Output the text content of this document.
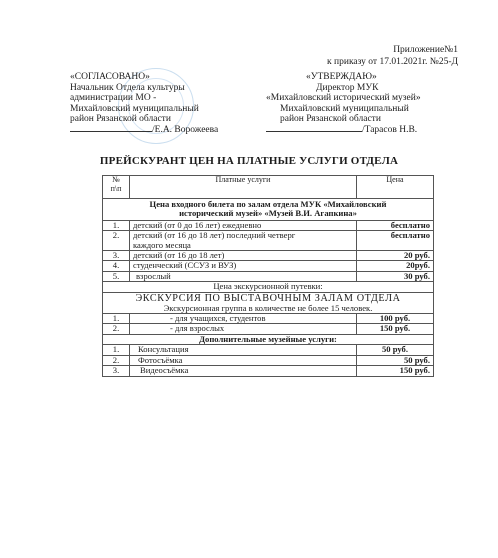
Приложение№1
к приказу от 17.01.2021г. №25-Д
«СОГЛАСОВАНО»
Начальник Отдела культуры
администрации МО -
Михайловский муниципальный
район Рязанской области
/Е.А. Ворожеева
«УТВЕРЖДАЮ»
Директор МУК
«Михайловский исторический музей»
Михайловский муниципальный
район Рязанской области
/Тарасов Н.В.
ПРЕЙСКУРАНТ ЦЕН НА ПЛАТНЫЕ УСЛУГИ ОТДЕЛА
№
п\п	Платные услуги	Цена
Цена входного билета по залам отдела МУК «Михайловский исторический музей» «Музей В.И. Агапкина»		
1.	детский (от 0 до 16 лет) ежедневно	бесплатно
2.	детский (от 16 до 18 лет) последний четверг каждого месяца	бесплатно
3.	детский (от 16 до 18 лет)	20 руб.
4.	студенческий (ССУЗ и ВУЗ)	20руб.
5.	взрослый	30 руб.
Цена экскурсионной путевки:		
ЭКСКУРСИЯ ПО ВЫСТАВОЧНЫМ ЗАЛАМ ОТДЕЛА		
Экскурсионная группа в количестве не более 15 человек.		
1.	- для учащихся, студентов	100 руб.
2.	- для взрослых	150 руб.
Дополнительные музейные услуги:		
1.	Консультация	50 руб.
2.	Фотосъёмка	50 руб.
3.	Видеосъёмка	150 руб.
